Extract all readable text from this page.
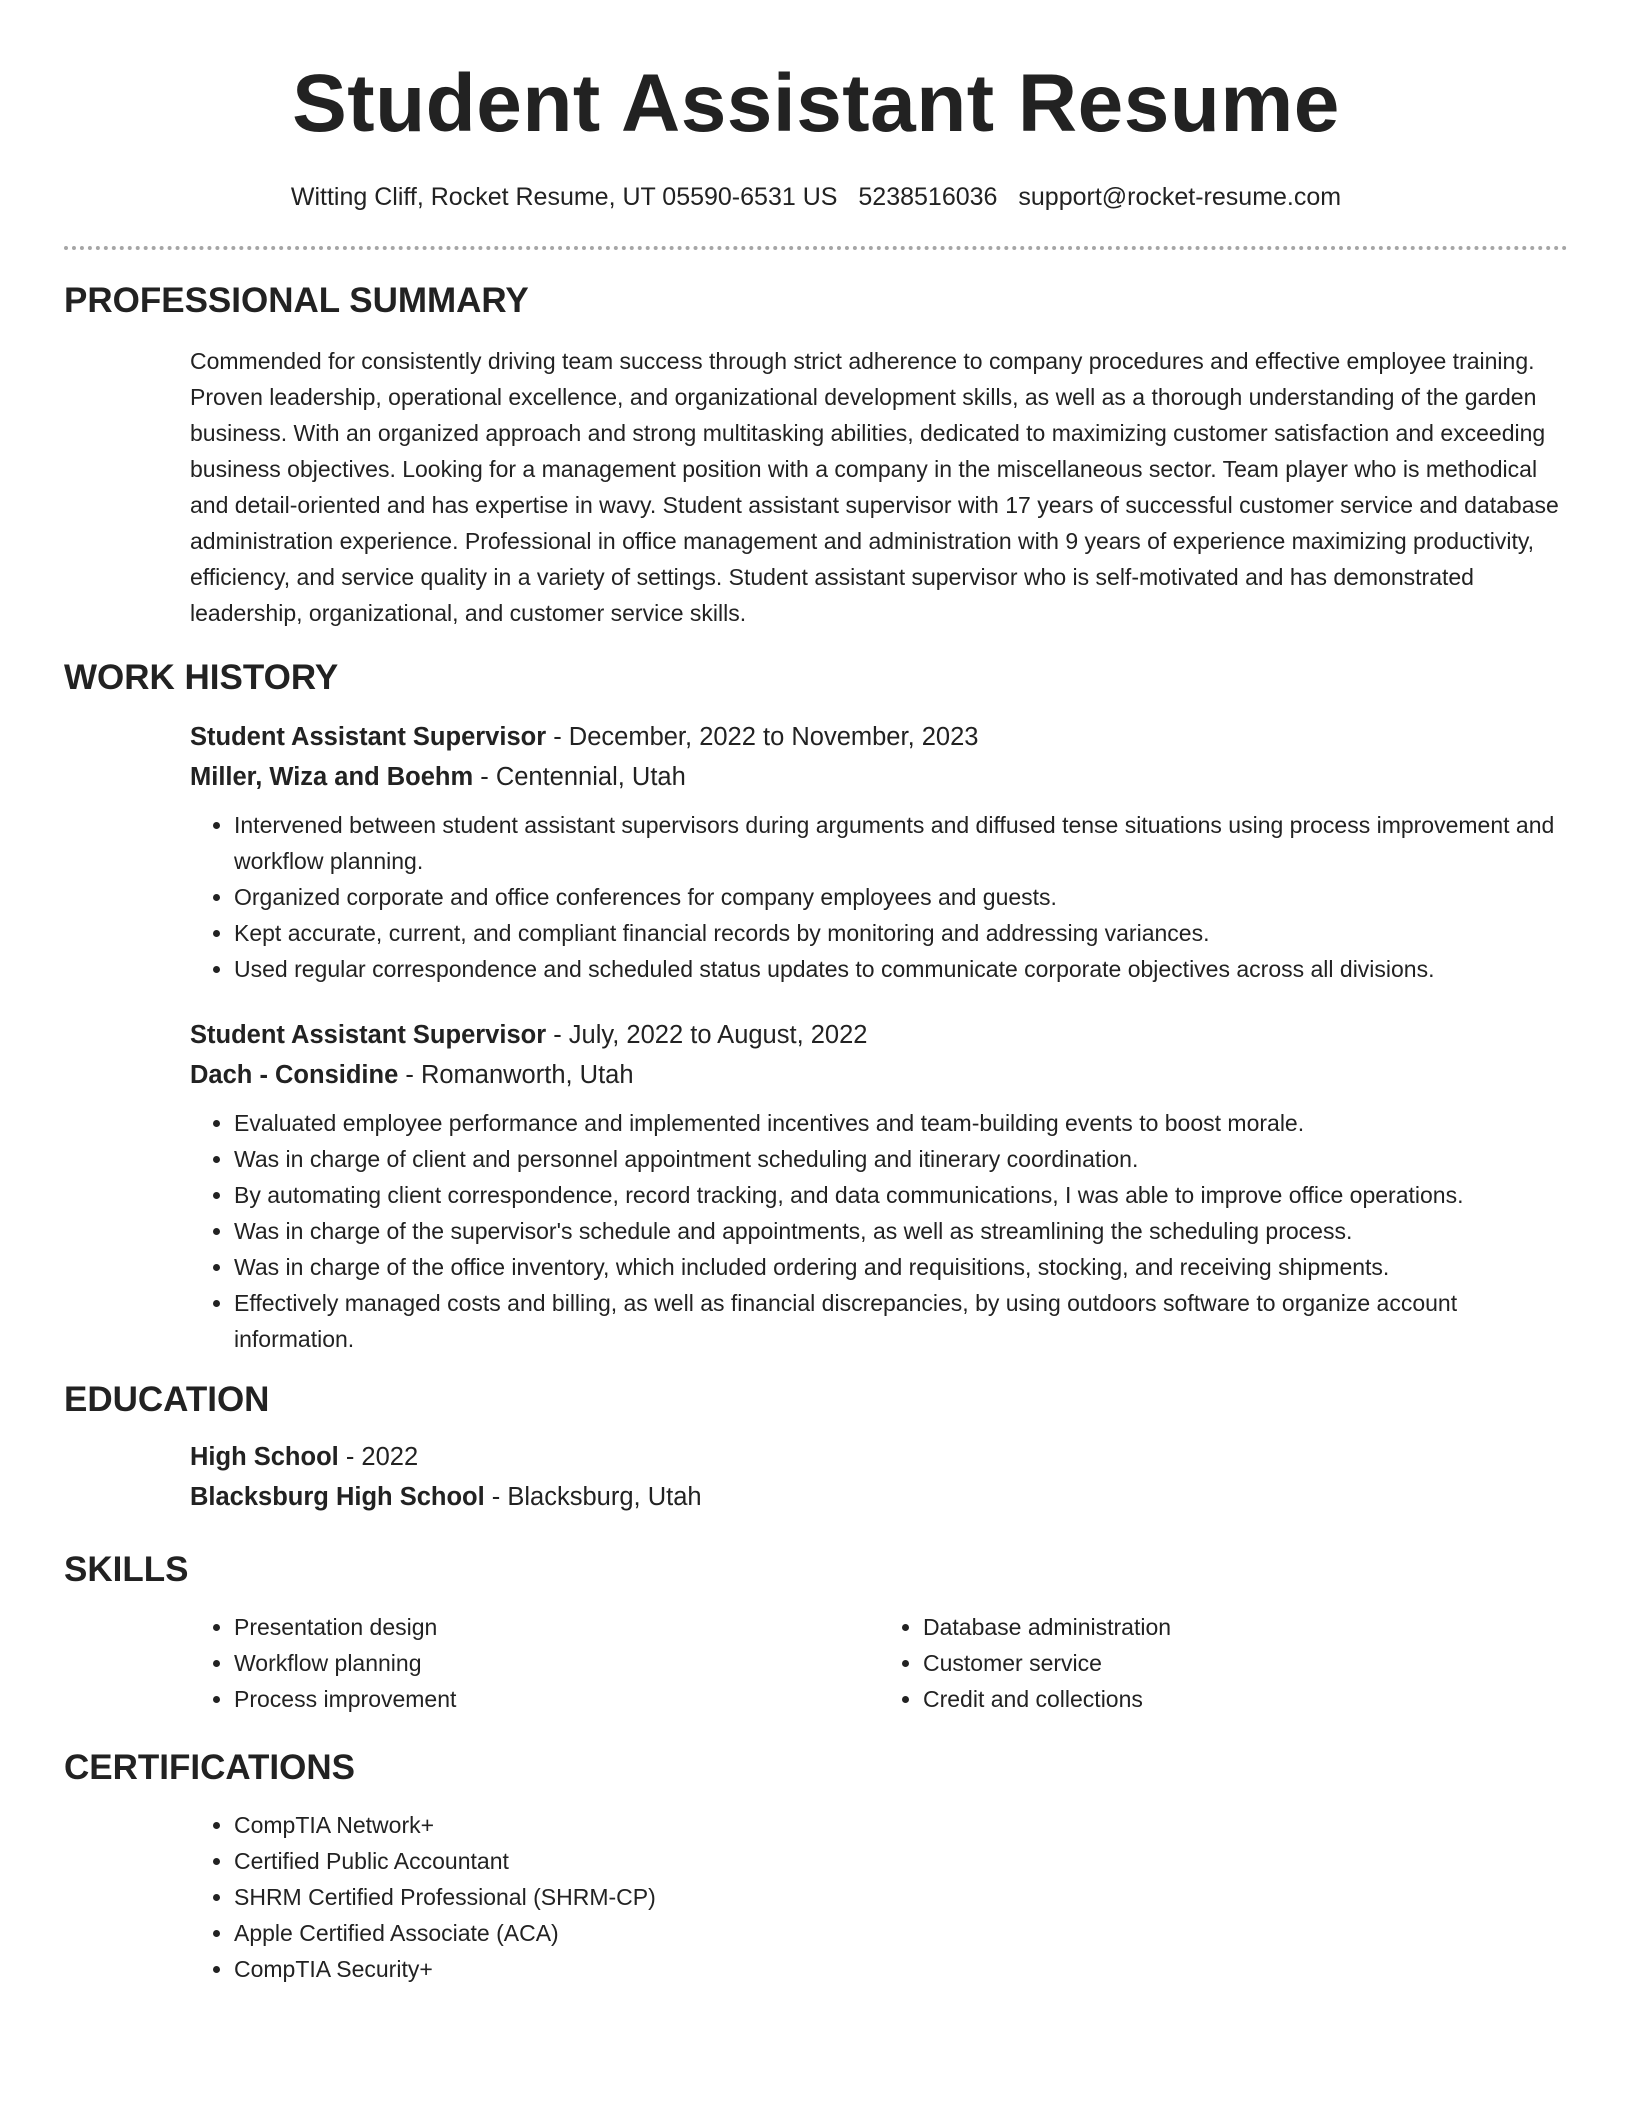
Student Assistant Resume
Witting Cliff, Rocket Resume, UT 05590-6531 US 5238516036 support@rocket-resume.com
PROFESSIONAL SUMMARY

Commended for consistently driving team success through strict adherence to company procedures and effective employee training. Proven leadership, operational excellence, and organizational development skills, as well as a thorough understanding of the garden business. With an organized approach and strong multitasking abilities, dedicated to maximizing customer satisfaction and exceeding business objectives. Looking for a management position with a company in the miscellaneous sector. Team player who is methodical and detail-oriented and has expertise in wavy. Student assistant supervisor with 17 years of successful customer service and database administration experience. Professional in office management and administration with 9 years of experience maximizing productivity, efficiency, and service quality in a variety of settings. Student assistant supervisor who is self-motivated and has demonstrated leadership, organizational, and customer service skills.

WORK HISTORY
Student Assistant Supervisor - December, 2022 to November, 2023
Miller, Wiza and Boehm - Centennial, Utah
• Intervened between student assistant supervisors during arguments and diffused tense situations using process improvement and workflow planning.
• Organized corporate and office conferences for company employees and guests.
• Kept accurate, current, and compliant financial records by monitoring and addressing variances.
• Used regular correspondence and scheduled status updates to communicate corporate objectives across all divisions.
Student Assistant Supervisor - July, 2022 to August, 2022
Dach - Considine - Romanworth, Utah
• Evaluated employee performance and implemented incentives and team-building events to boost morale.
• Was in charge of client and personnel appointment scheduling and itinerary coordination.
• By automating client correspondence, record tracking, and data communications, I was able to improve office operations.
• Was in charge of the supervisor's schedule and appointments, as well as streamlining the scheduling process.
• Was in charge of the office inventory, which included ordering and requisitions, stocking, and receiving shipments.
• Effectively managed costs and billing, as well as financial discrepancies, by using outdoors software to organize account information.
EDUCATION
High School - 2022
Blacksburg High School - Blacksburg, Utah
SKILLS
• Presentation design
• Workflow planning
• Process improvement
• Database administration
• Customer service
• Credit and collections
CERTIFICATIONS
• CompTIA Network+
• Certified Public Accountant
• SHRM Certified Professional (SHRM-CP)
• Apple Certified Associate (ACA)
• CompTIA Security+
